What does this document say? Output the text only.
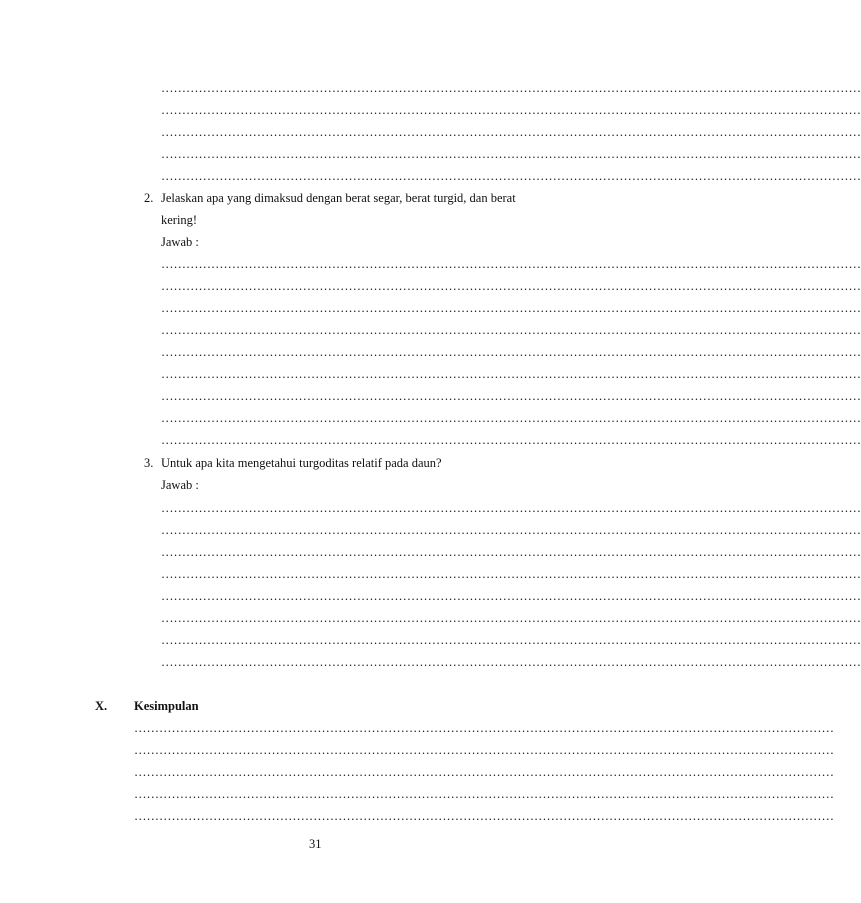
……………………………………………………………………………………………………………………………………………………
……………………………………………………………………………………………………………………………………………………
……………………………………………………………………………………………………………………………………………………
……………………………………………………………………………………………………………………………………………………
……………………………………………………………………………………………………………………………………………………
2. Jelaskan apa yang dimaksud dengan berat segar, berat turgid, dan berat
kering!
Jawab :
……………………………………………………………………………………………………………………………………………………
……………………………………………………………………………………………………………………………………………………
……………………………………………………………………………………………………………………………………………………
……………………………………………………………………………………………………………………………………………………
……………………………………………………………………………………………………………………………………………………
……………………………………………………………………………………………………………………………………………………
……………………………………………………………………………………………………………………………………………………
……………………………………………………………………………………………………………………………………………………
……………………………………………………………………………………………………………………………………………………
3. Untuk apa kita mengetahui turgoditas relatif pada daun?
Jawab :
……………………………………………………………………………………………………………………………………………………
……………………………………………………………………………………………………………………………………………………
……………………………………………………………………………………………………………………………………………………
……………………………………………………………………………………………………………………………………………………
……………………………………………………………………………………………………………………………………………………
……………………………………………………………………………………………………………………………………………………
……………………………………………………………………………………………………………………………………………………
……………………………………………………………………………………………………………………………………………………
X. Kesimpulan
……………………………………………………………………………………………………………………………………………………
……………………………………………………………………………………………………………………………………………………
……………………………………………………………………………………………………………………………………………………
……………………………………………………………………………………………………………………………………………………
……………………………………………………………………………………………………………………………………………………
31
